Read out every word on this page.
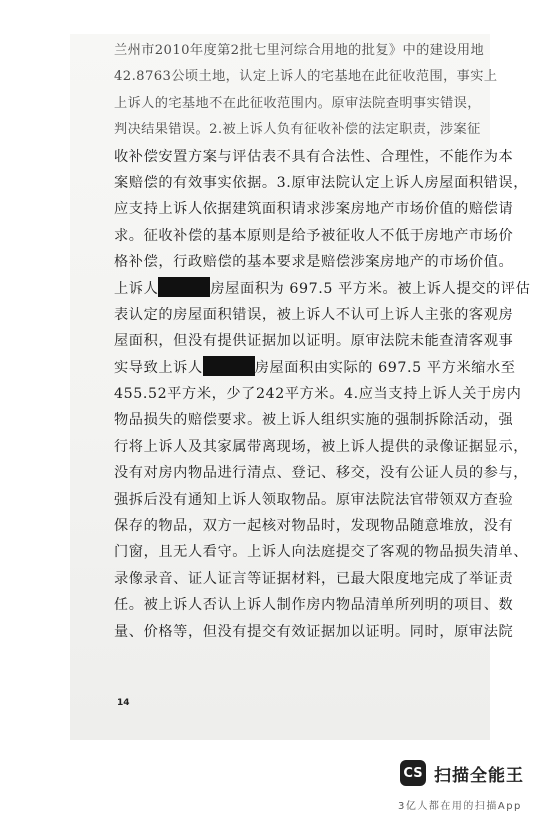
兰州市2010年度第2批七里河综合用地的批复》中的建设用地
42.8763公顷土地，认定上诉人的宅基地在此征收范围，事实上
上诉人的宅基地不在此征收范围内。原审法院查明事实错误，
判决结果错误。2.被上诉人负有征收补偿的法定职责，涉案征
收补偿安置方案与评估表不具有合法性、合理性，不能作为本
案赔偿的有效事实依据。3.原审法院认定上诉人房屋面积错误，
应支持上诉人依据建筑面积请求涉案房地产市场价值的赔偿请
求。征收补偿的基本原则是给予被征收人不低于房地产市场价
格补偿，行政赔偿的基本要求是赔偿涉案房地产的市场价值。
上诉人	房屋面积为 697.5 平方米。被上诉人提交的评估
表认定的房屋面积错误，被上诉人不认可上诉人主张的客观房
屋面积，但没有提供证据加以证明。原审法院未能查清客观事
实导致上诉人	房屋面积由实际的 697.5 平方米缩水至
455.52平方米，少了242平方米。4.应当支持上诉人关于房内
物品损失的赔偿要求。被上诉人组织实施的强制拆除活动，强
行将上诉人及其家属带离现场，被上诉人提供的录像证据显示，
没有对房内物品进行清点、登记、移交，没有公证人员的参与，
强拆后没有通知上诉人领取物品。原审法院法官带领双方查验
保存的物品，双方一起核对物品时，发现物品随意堆放，没有
门窗，且无人看守。上诉人向法庭提交了客观的物品损失清单、
录像录音、证人证言等证据材料，已最大限度地完成了举证责
任。被上诉人否认上诉人制作房内物品清单所列明的项目、数
量、价格等，但没有提交有效证据加以证明。同时，原审法院
14
CS 扫描全能王
3亿人都在用的扫描App
